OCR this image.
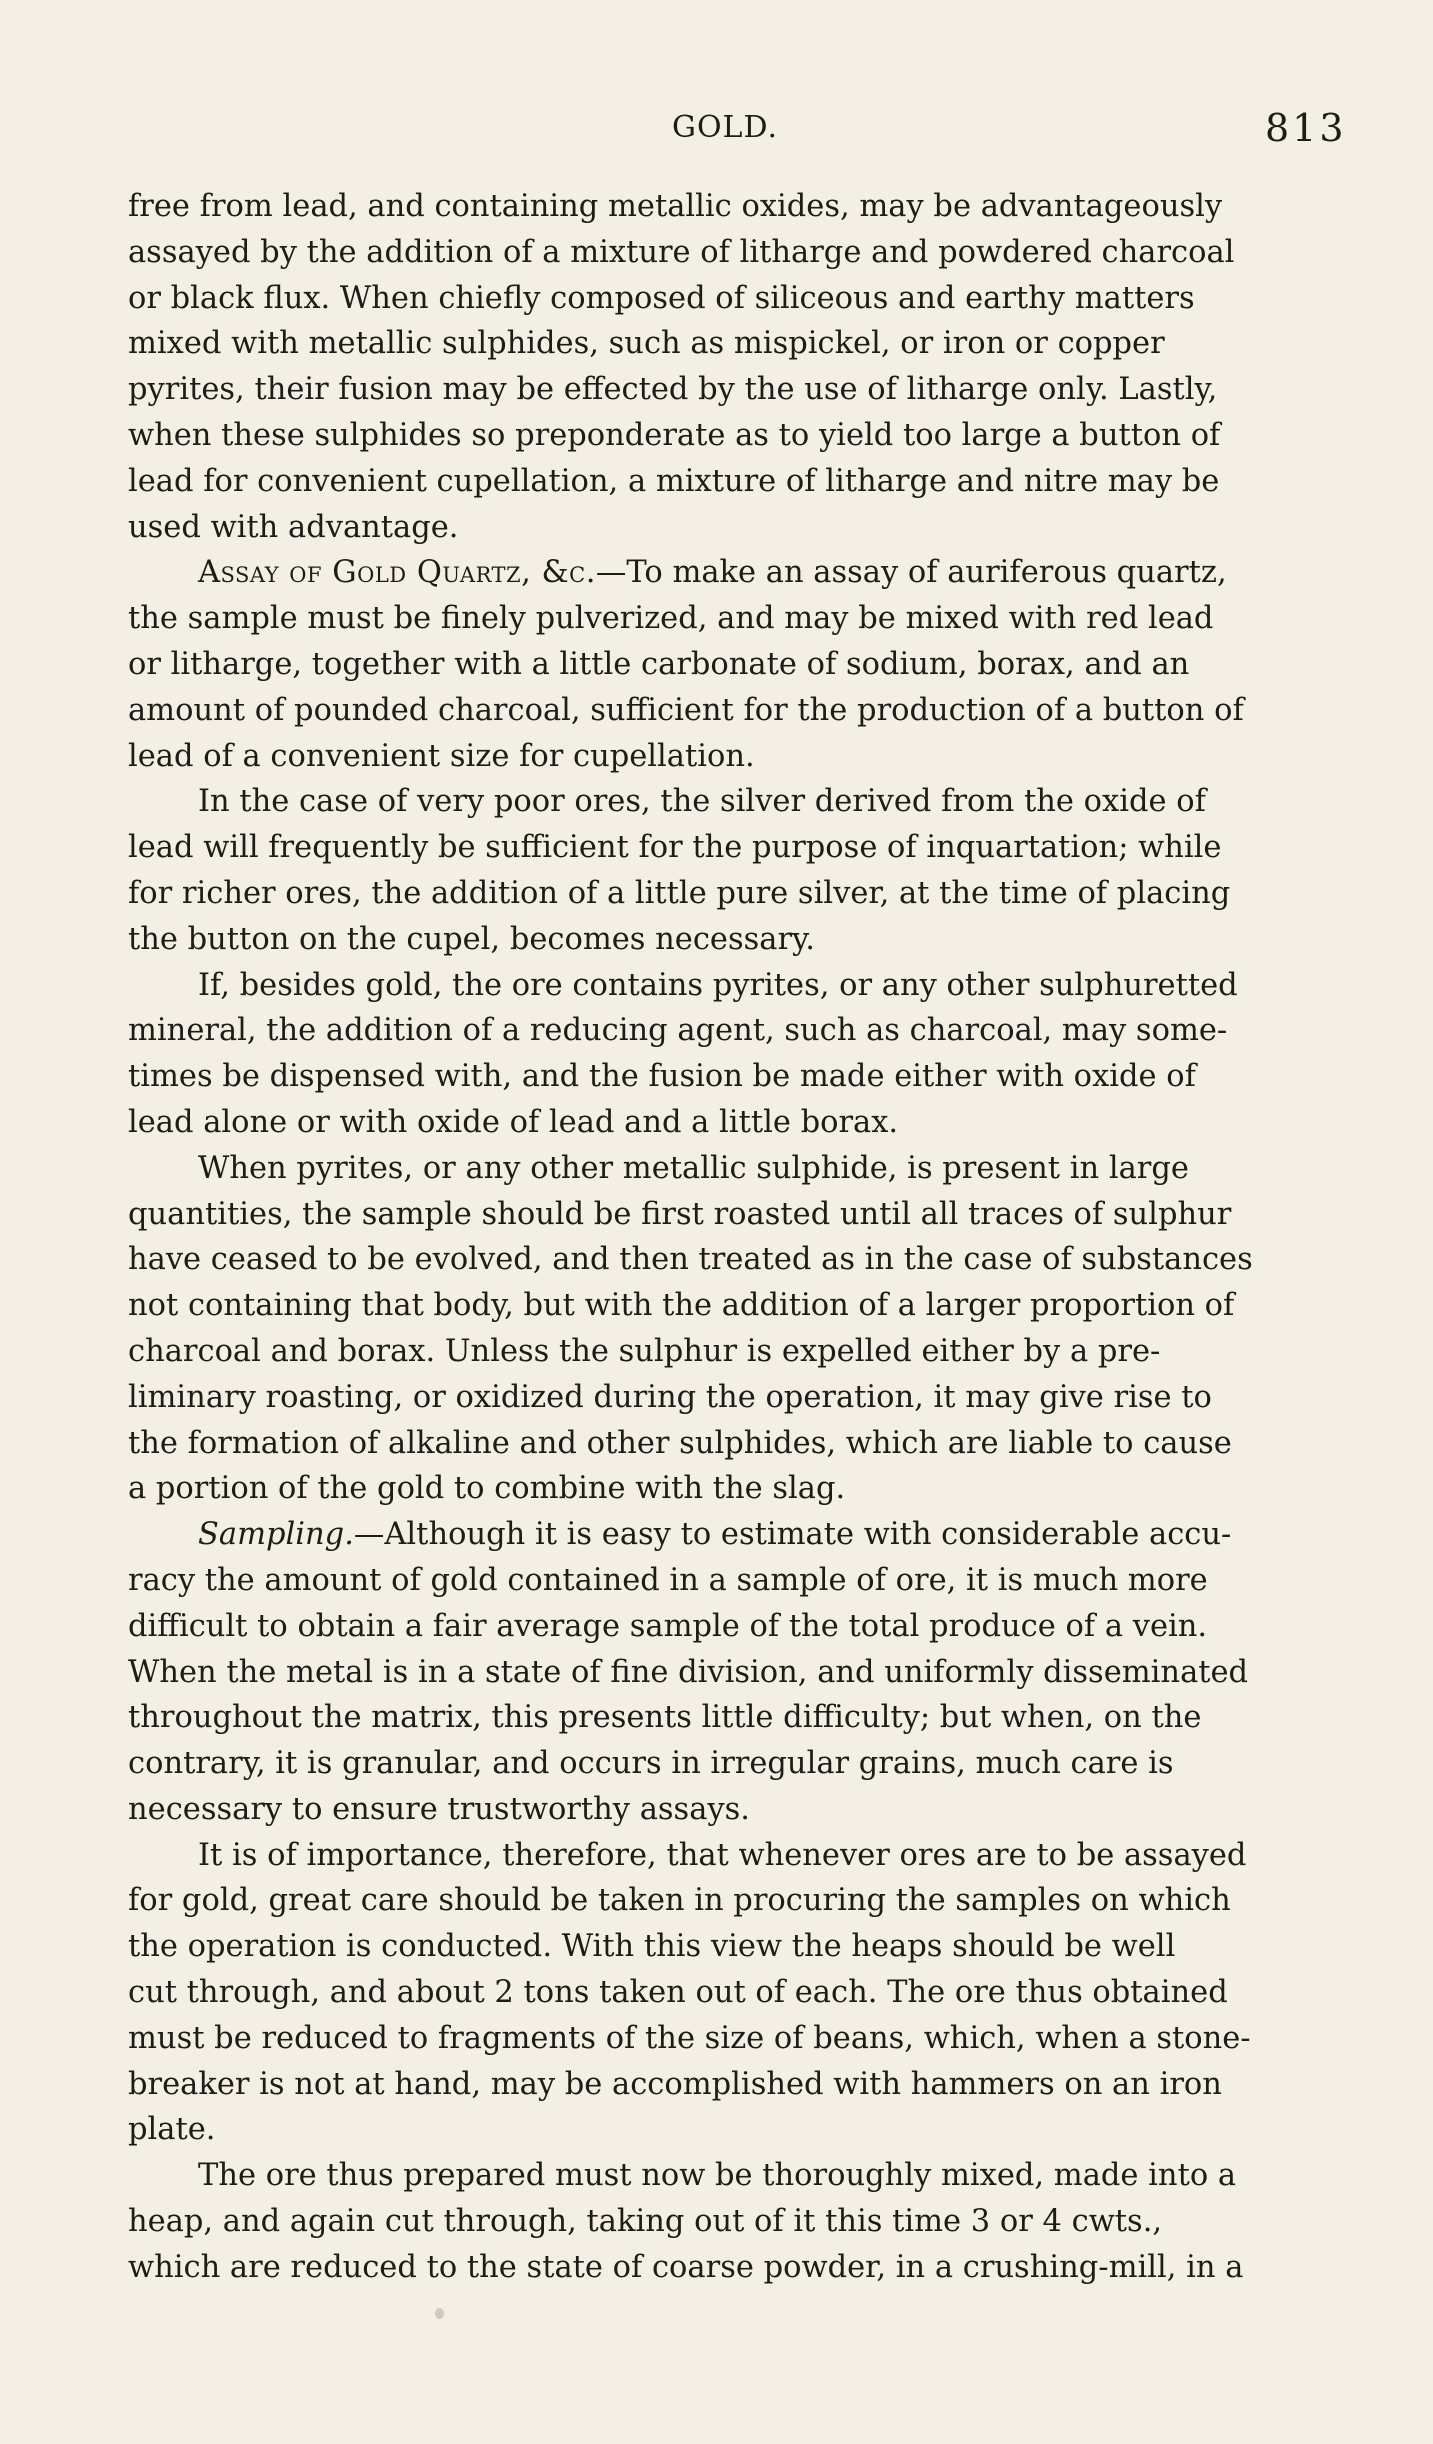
GOLD.	813
free from lead, and containing metallic oxides, may be advantageously
assayed by the addition of a mixture of litharge and powdered charcoal
or black flux. When chiefly composed of siliceous and earthy matters
mixed with metallic sulphides, such as mispickel, or iron or copper
pyrites, their fusion may be effected by the use of litharge only. Lastly,
when these sulphides so preponderate as to yield too large a button of
lead for convenient cupellation, a mixture of litharge and nitre may be
used with advantage.
Assay of Gold Quartz, &c.—To make an assay of auriferous quartz,
the sample must be finely pulverized, and may be mixed with red lead
or litharge, together with a little carbonate of sodium, borax, and an
amount of pounded charcoal, sufficient for the production of a button of
lead of a convenient size for cupellation.
In the case of very poor ores, the silver derived from the oxide of
lead will frequently be sufficient for the purpose of inquartation; while
for richer ores, the addition of a little pure silver, at the time of placing
the button on the cupel, becomes necessary.
If, besides gold, the ore contains pyrites, or any other sulphuretted
mineral, the addition of a reducing agent, such as charcoal, may some-
times be dispensed with, and the fusion be made either with oxide of
lead alone or with oxide of lead and a little borax.
When pyrites, or any other metallic sulphide, is present in large
quantities, the sample should be first roasted until all traces of sulphur
have ceased to be evolved, and then treated as in the case of substances
not containing that body, but with the addition of a larger proportion of
charcoal and borax. Unless the sulphur is expelled either by a pre-
liminary roasting, or oxidized during the operation, it may give rise to
the formation of alkaline and other sulphides, which are liable to cause
a portion of the gold to combine with the slag.
Sampling.—Although it is easy to estimate with considerable accu-
racy the amount of gold contained in a sample of ore, it is much more
difficult to obtain a fair average sample of the total produce of a vein.
When the metal is in a state of fine division, and uniformly disseminated
throughout the matrix, this presents little difficulty; but when, on the
contrary, it is granular, and occurs in irregular grains, much care is
necessary to ensure trustworthy assays.
It is of importance, therefore, that whenever ores are to be assayed
for gold, great care should be taken in procuring the samples on which
the operation is conducted. With this view the heaps should be well
cut through, and about 2 tons taken out of each. The ore thus obtained
must be reduced to fragments of the size of beans, which, when a stone-
breaker is not at hand, may be accomplished with hammers on an iron
plate.
The ore thus prepared must now be thoroughly mixed, made into a
heap, and again cut through, taking out of it this time 3 or 4 cwts.,
which are reduced to the state of coarse powder, in a crushing-mill, in a
